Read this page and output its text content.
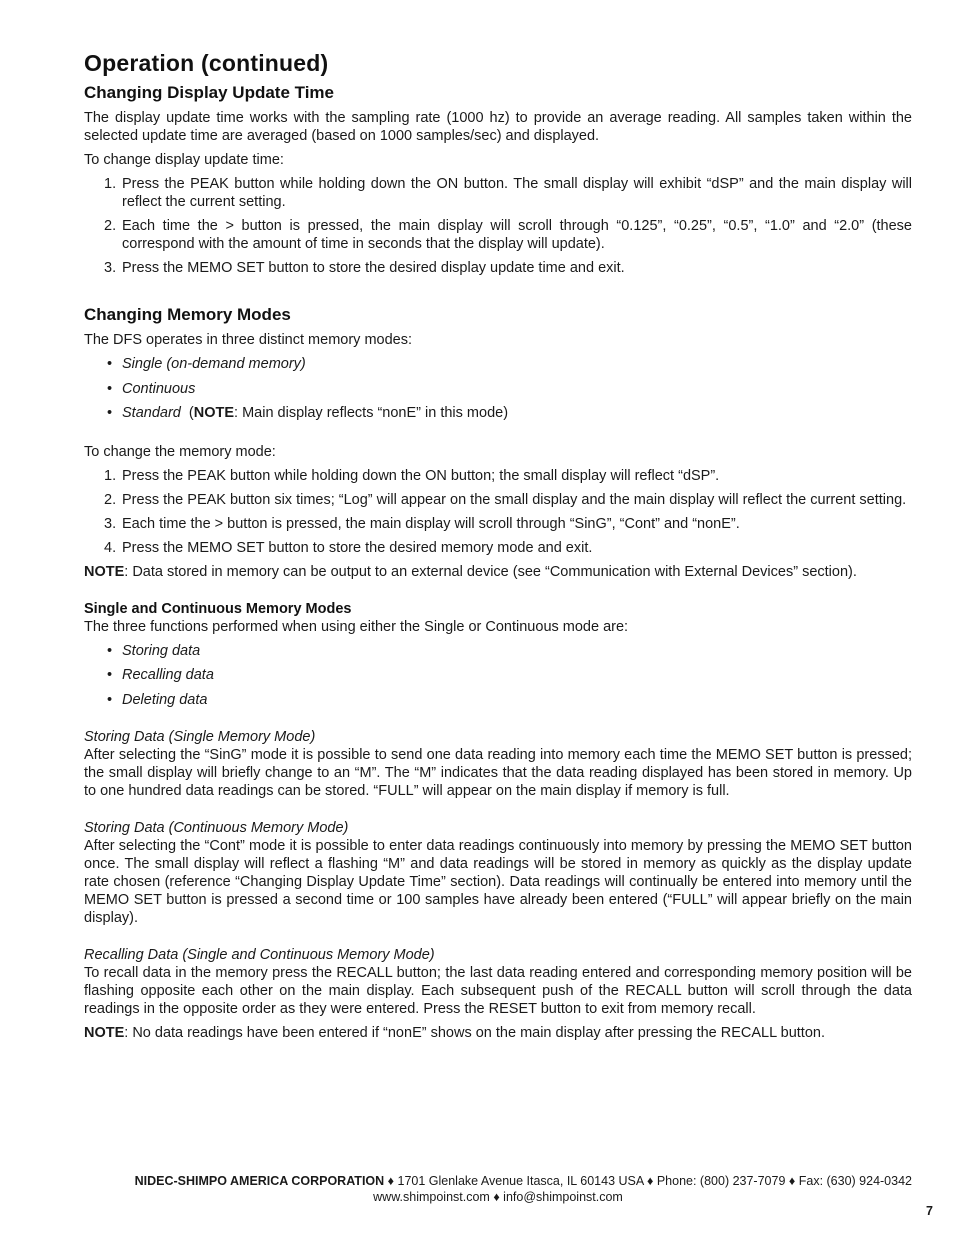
Operation (continued)
Changing Display Update Time

The display update time works with the sampling rate (1000 hz) to provide an average reading. All samples taken within the selected update time are averaged (based on 1000 samples/sec) and displayed.

To change display update time:

1. Press the PEAK button while holding down the ON button. The small display will exhibit “dSP” and the main display will reflect the current setting.
2. Each time the > button is pressed, the main display will scroll through “0.125”, “0.25”, “0.5”, “1.0” and “2.0” (these correspond with the amount of time in seconds that the display will update).
3. Press the MEMO SET button to store the desired display update time and exit.
Changing Memory Modes

The DFS operates in three distinct memory modes:

• Single (on-demand memory)
• Continuous
• Standard  (NOTE: Main display reflects “nonE” in this mode)

To change the memory mode:

1. Press the PEAK button while holding down the ON button; the small display will reflect “dSP”.
2. Press the PEAK button six times; “Log” will appear on the small display and the main display will reflect the current setting.
3. Each time the > button is pressed, the main display will scroll through “SinG”, “Cont” and “nonE”.
4. Press the MEMO SET button to store the desired memory mode and exit.

NOTE: Data stored in memory can be output to an external device (see “Communication with External Devices” section).

Single and Continuous Memory Modes

The three functions performed when using either the Single or Continuous mode are:

• Storing data
• Recalling data
• Deleting data
Storing Data (Single Memory Mode)

After selecting the “SinG” mode it is possible to send one data reading into memory each time the MEMO SET button is pressed; the small display will briefly change to an “M”. The “M” indicates that the data reading displayed has been stored in memory. Up to one hundred data readings can be stored. “FULL” will appear on the main display if memory is full.

Storing Data (Continuous Memory Mode)

After selecting the “Cont” mode it is possible to enter data readings continuously into memory by pressing the MEMO SET button once. The small display will reflect a flashing “M” and data readings will be stored in memory as quickly as the display update rate chosen (reference “Changing Display Update Time” section). Data readings will continually be entered into memory until the MEMO SET button is pressed a second time or 100 samples have already been entered (“FULL” will appear briefly on the main display).

Recalling Data (Single and Continuous Memory Mode)

To recall data in the memory press the RECALL button; the last data reading entered and corresponding memory position will be flashing opposite each other on the main display. Each subsequent push of the RECALL button will scroll through the data readings in the opposite order as they were entered. Press the RESET button to exit from memory recall.

NOTE: No data readings have been entered if “nonE” shows on the main display after pressing the RECALL button.

NIDEC-SHIMPO AMERICA CORPORATION ♦ 1701 Glenlake Avenue Itasca, IL 60143 USA ♦ Phone: (800) 237-7079 ♦ Fax: (630) 924-0342
www.shimpoinst.com ♦ info@shimpoinst.com
7
